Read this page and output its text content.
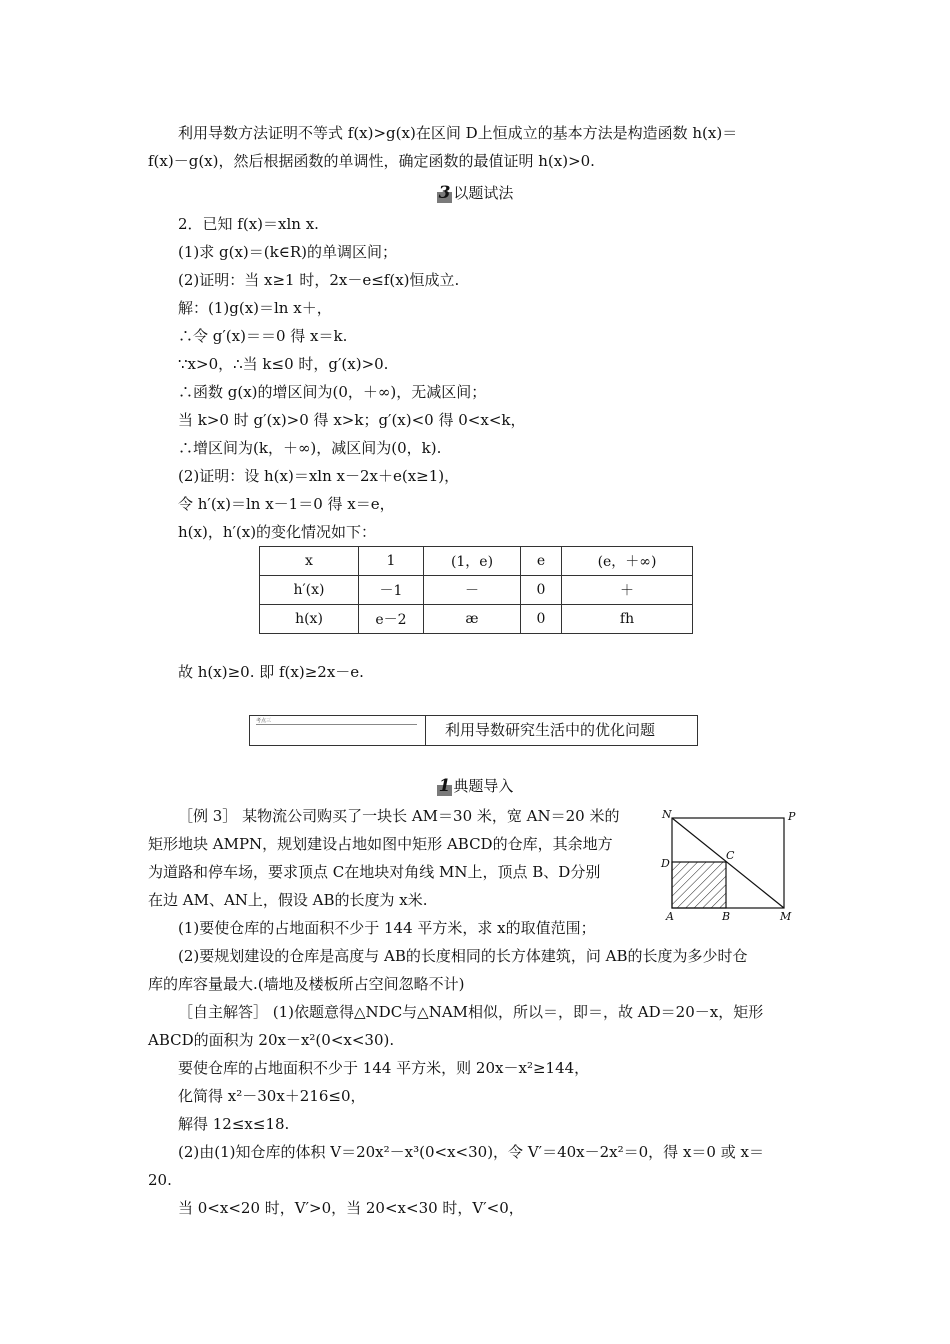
利用导数方法证明不等式 f(x)>g(x)在区间 D上恒成立的基本方法是构造函数 h(x)＝
f(x)－g(x)，然后根据函数的单调性，确定函数的最值证明 h(x)>0.
3 以题试法
2．已知 f(x)＝xln x.
(1)求 g(x)＝(k∈R)的单调区间；
(2)证明：当 x≥1 时，2x－e≤f(x)恒成立.
解：(1)g(x)＝ln x＋，
∴令 g′(x)＝＝0 得 x＝k.
∵x>0，∴当 k≤0 时，g′(x)>0.
∴函数 g(x)的增区间为(0，＋∞)，无减区间；
当 k>0 时 g′(x)>0 得 x>k；g′(x)<0 得 0<x<k，
∴增区间为(k，＋∞)，减区间为(0，k).
(2)证明：设 h(x)＝xln x－2x＋e(x≥1)，
令 h′(x)＝ln x－1＝0 得 x＝e，
h(x)，h′(x)的变化情况如下：
x	1	(1，e)	e	(e，＋∞)
h′(x)	－1	－	0	＋
h(x)	e－2	æ	0	fh
故 h(x)≥0. 即 f(x)≥2x－e.
考点三	利用导数研究生活中的优化问题
1 典题导入
［例 3］ 某物流公司购买了一块长 AM＝30 米，宽 AN＝20 米的
矩形地块 AMPN，规划建设占地如图中矩形 ABCD的仓库，其余地方
为道路和停车场，要求顶点 C在地块对角线 MN上，顶点 B、D分别
在边 AM、AN上，假设 AB的长度为 x米.
(1)要使仓库的占地面积不少于 144 平方米，求 x的取值范围；
(2)要规划建设的仓库是高度与 AB的长度相同的长方体建筑，问 AB的长度为多少时仓
库的库容量最大.(墙地及楼板所占空间忽略不计)
N	P
D
C
A	B	M
［自主解答］ (1)依题意得△NDC与△NAM相似，所以＝，即＝，故 AD＝20－x，矩形
ABCD的面积为 20x－x²(0<x<30).
要使仓库的占地面积不少于 144 平方米，则 20x－x²≥144，
化简得 x²－30x＋216≤0，
解得 12≤x≤18.
(2)由(1)知仓库的体积 V＝20x²－x³(0<x<30)，令 V′＝40x－2x²＝0，得 x＝0 或 x＝
20.
当 0<x<20 时，V′>0，当 20<x<30 时，V′<0，
